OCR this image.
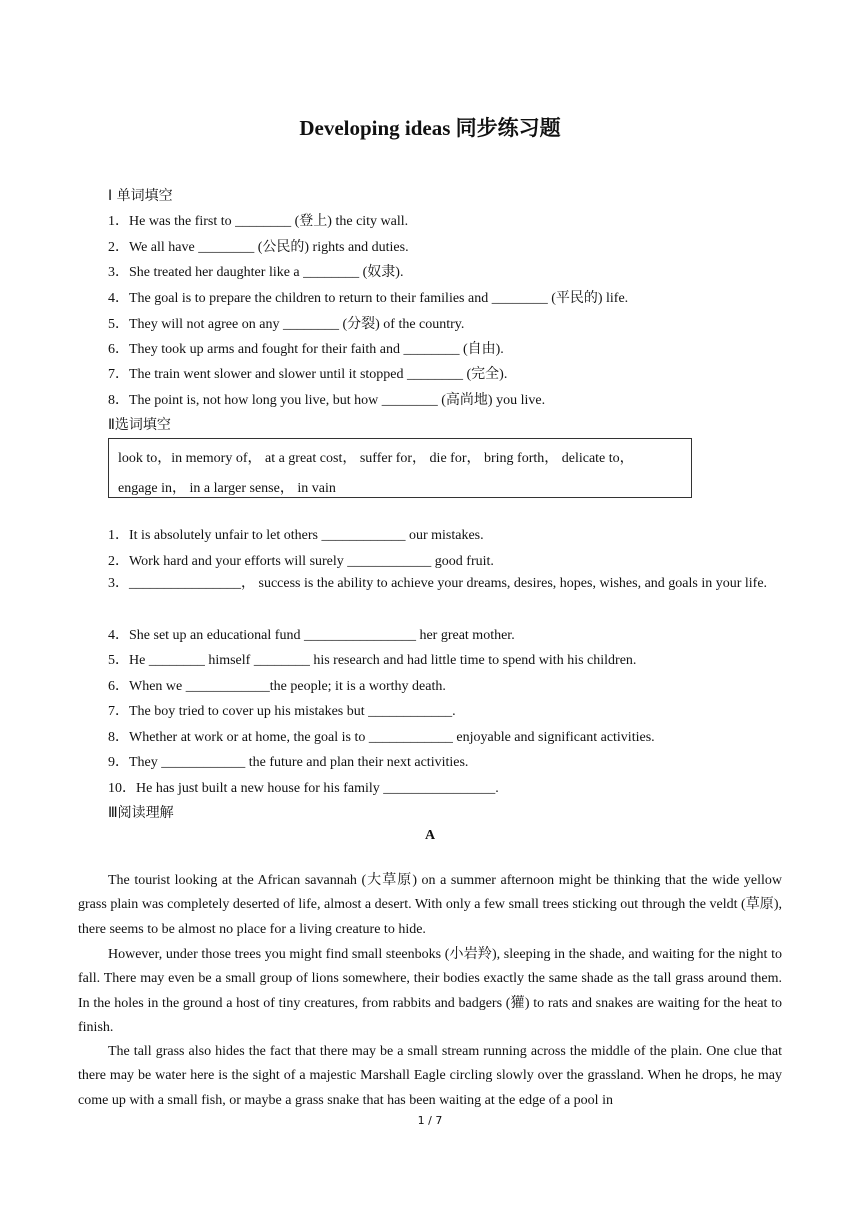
Developing ideas 同步练习题
I 单词填空
1．He was the first to ________ (登上) the city wall.
2．We all have ________ (公民的) rights and duties.
3．She treated her daughter like a ________ (奴隶).
4．The goal is to prepare the children to return to their families and ________ (平民的) life.
5．They will not agree on any ________ (分裂) of the country.
6．They took up arms and fought for their faith and ________ (自由).
7．The train went slower and slower until it stopped ________ (完全).
8．The point is, not how long you live, but how ________ (高尚地) you live.
Ⅱ选词填空
look to，in memory of， at a great cost， suffer for， die for， bring forth， delicate to，
engage in， in a larger sense， in vain
1．It is absolutely unfair to let others ____________ our mistakes.
2．Work hard and your efforts will surely ____________ good fruit.
3．________________， success is the ability to achieve your dreams, desires, hopes, wishes, and goals in your life.
4．She set up an educational fund ________________ her great mother.
5．He ________ himself ________ his research and had little time to spend with his children.
6．When we ____________the people; it is a worthy death.
7．The boy tried to cover up his mistakes but ____________.
8．Whether at work or at home, the goal is to ____________ enjoyable and significant activities.
9．They ____________ the future and plan their next activities.
10．He has just built a new house for his family ________________.
Ⅲ阅读理解
A
The tourist looking at the African savannah (大草原) on a summer afternoon might be thinking that the wide yellow grass plain was completely deserted of life, almost a desert. With only a few small trees sticking out through the veldt (草原), there seems to be almost no place for a living creature to hide.
However, under those trees you might find small steenboks (小岩羚), sleeping in the shade, and waiting for the night to fall. There may even be a small group of lions somewhere, their bodies exactly the same shade as the tall grass around them. In the holes in the ground a host of tiny creatures, from rabbits and badgers (獾) to rats and snakes are waiting for the heat to finish.
The tall grass also hides the fact that there may be a small stream running across the middle of the plain. One clue that there may be water here is the sight of a majestic Marshall Eagle circling slowly over the grassland. When he drops, he may come up with a small fish, or maybe a grass snake that has been waiting at the edge of a pool in
1 / 7
